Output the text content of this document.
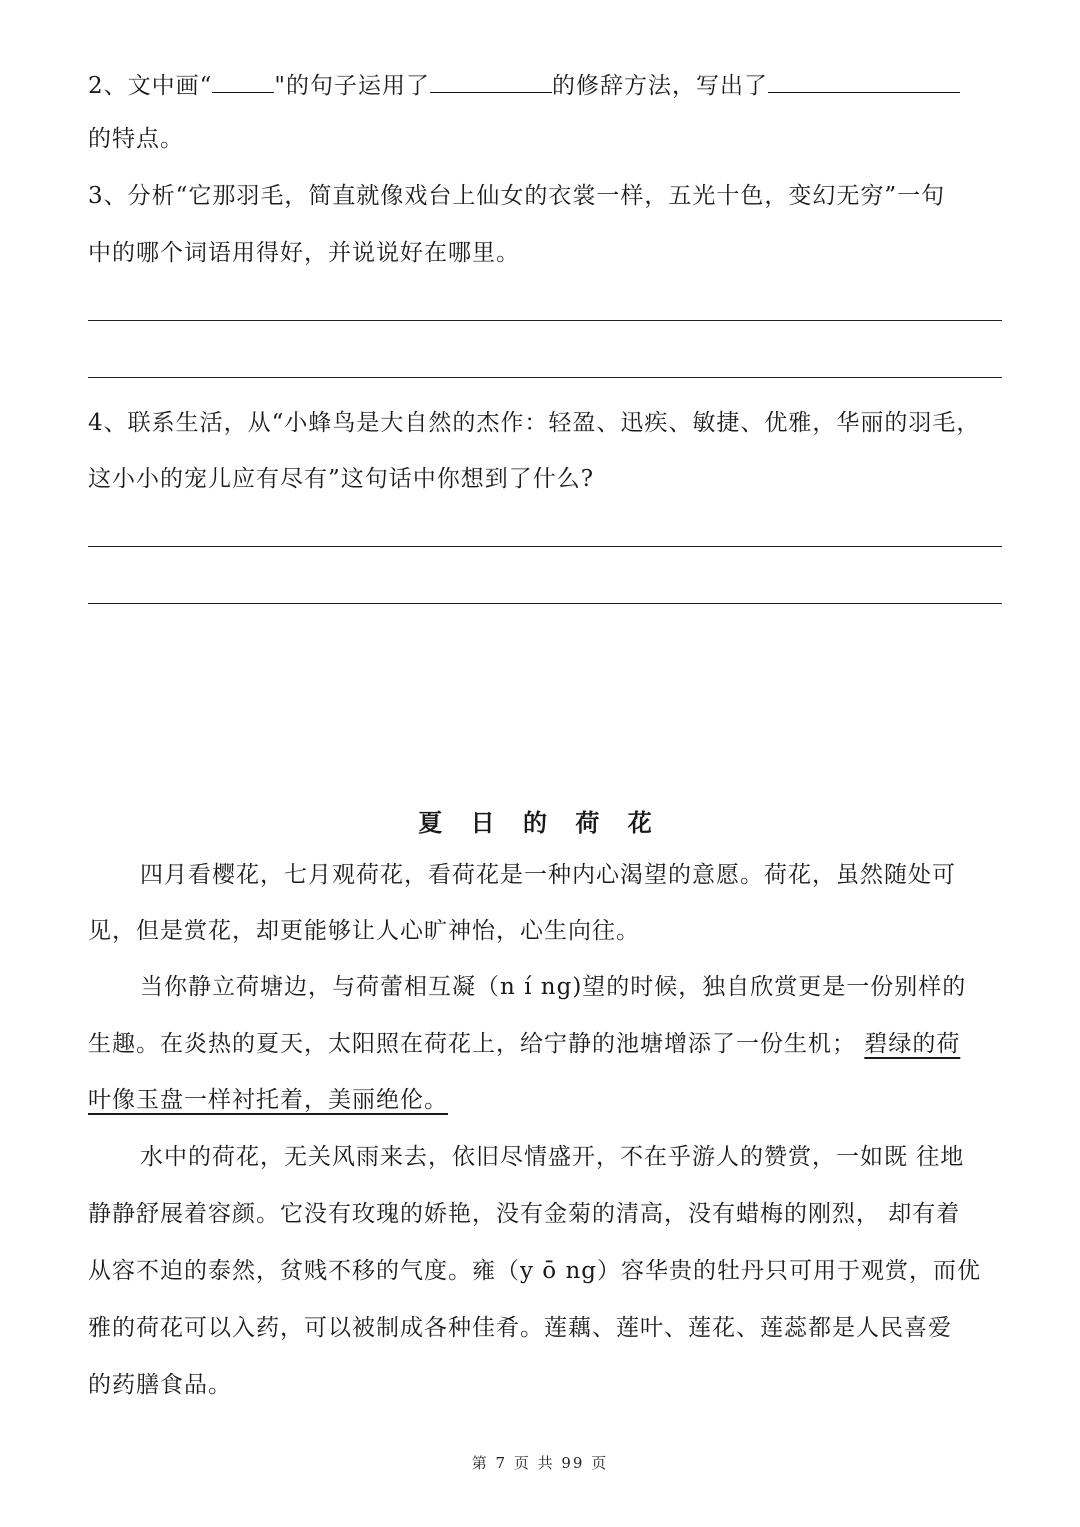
2、文中画“	"的句子运用了	的修辞方法，写出了
的特点。
3、分析“它那羽毛，简直就像戏台上仙女的衣裳一样，五光十色，变幻无穷”一句
中的哪个词语用得好，并说说好在哪里。
4、联系生活，从“小蜂鸟是大自然的杰作：轻盈、迅疾、敏捷、优雅，华丽的羽毛，
这小小的宠儿应有尽有”这句话中你想到了什么?
夏 日 的 荷 花
四月看樱花，七月观荷花，看荷花是一种内心渴望的意愿。荷花，虽然随处可
见，但是赏花，却更能够让人心旷神怡，心生向往。
当你静立荷塘边，与荷蕾相互凝（n í ng)望的时候，独自欣赏更是一份别样的
生趣。在炎热的夏天，太阳照在荷花上，给宁静的池塘增添了一份生机； 碧绿的荷
叶像玉盘一样衬托着，美丽绝伦。
水中的荷花，无关风雨来去，依旧尽情盛开，不在乎游人的赞赏，一如既 往地
静静舒展着容颜。它没有玫瑰的娇艳，没有金菊的清高，没有蜡梅的刚烈， 却有着
从容不迫的泰然，贫贱不移的气度。雍（y ō ng）容华贵的牡丹只可用于观赏，而优
雅的荷花可以入药，可以被制成各种佳肴。莲藕、莲叶、莲花、莲蕊都是人民喜爱
的药膳食品。
第 7 页 共 99 页
